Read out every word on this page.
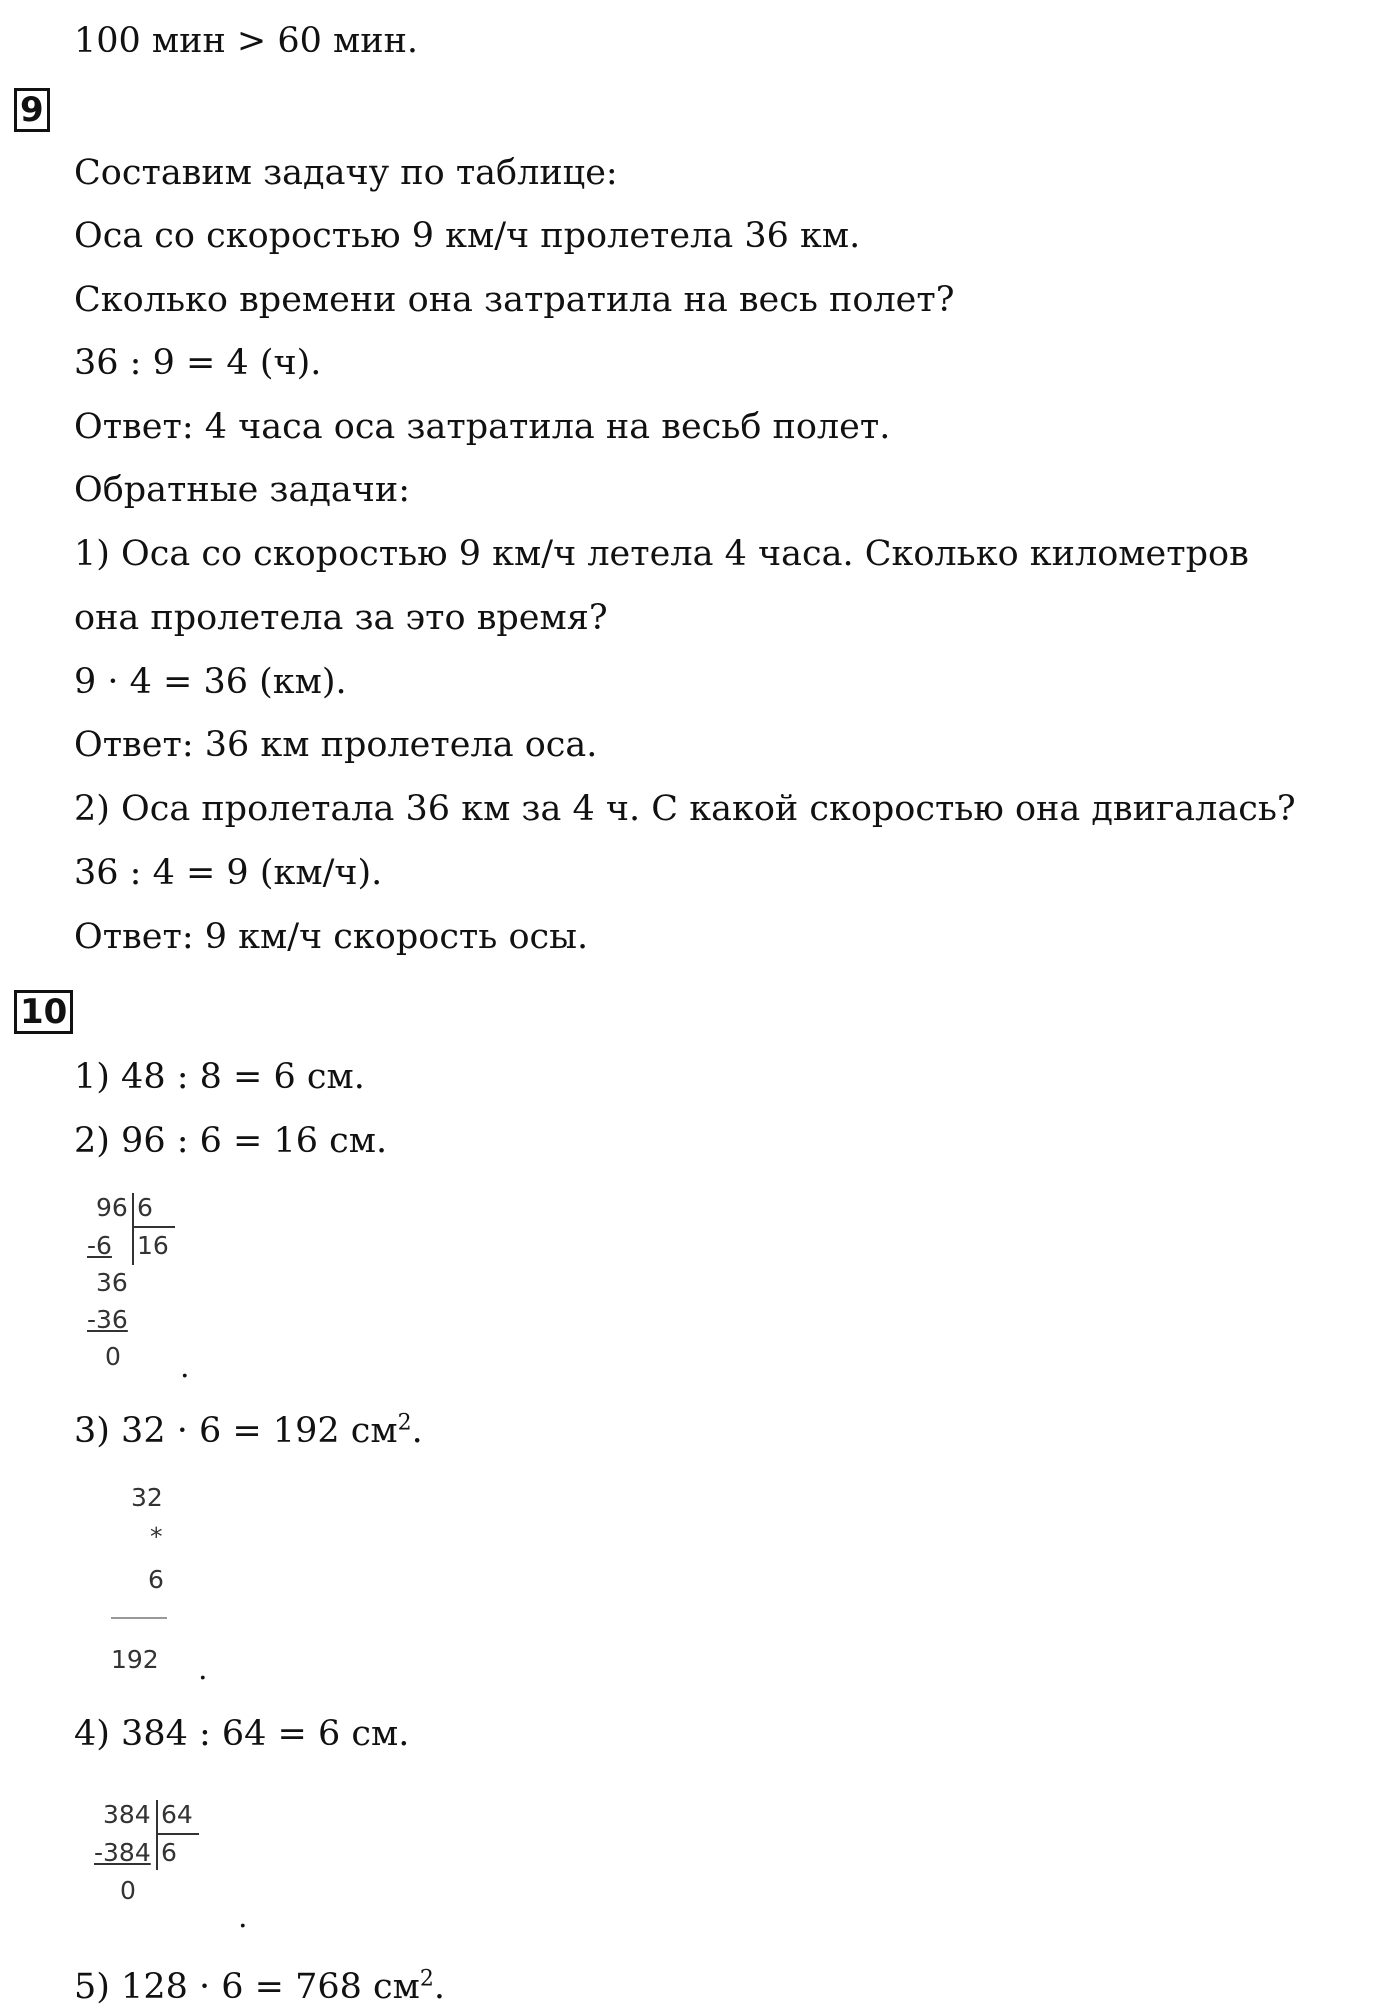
100 мин > 60 мин.
9
Составим задачу по таблице:
Оса со скоростью 9 км/ч пролетела 36 км.
Сколько времени она затратила на весь полет?
36 : 9 = 4 (ч).
Ответ: 4 часа оса затратила на весьб полет.
Обратные задачи:
1) Оса со скоростью 9 км/ч летела 4 часа. Сколько километров
она пролетела за это время?
9 · 4 = 36 (км).
Ответ: 36 км пролетела оса.
2) Оса пролетала 36 км за 4 ч. С какой скоростью она двигалась?
36 : 4 = 9 (км/ч).
Ответ: 9 км/ч скорость осы.
10
1) 48 : 8 = 6 см.
2) 96 : 6 = 16 см.
96 6
-6 16
36
-36
0 .
3) 32 · 6 = 192 $см^2$.
32
*
6
192 .
4) 384 : 64 = 6 см.
384 64
-384 6
0
.
5) 128 · 6 = 768 $см^2$.
